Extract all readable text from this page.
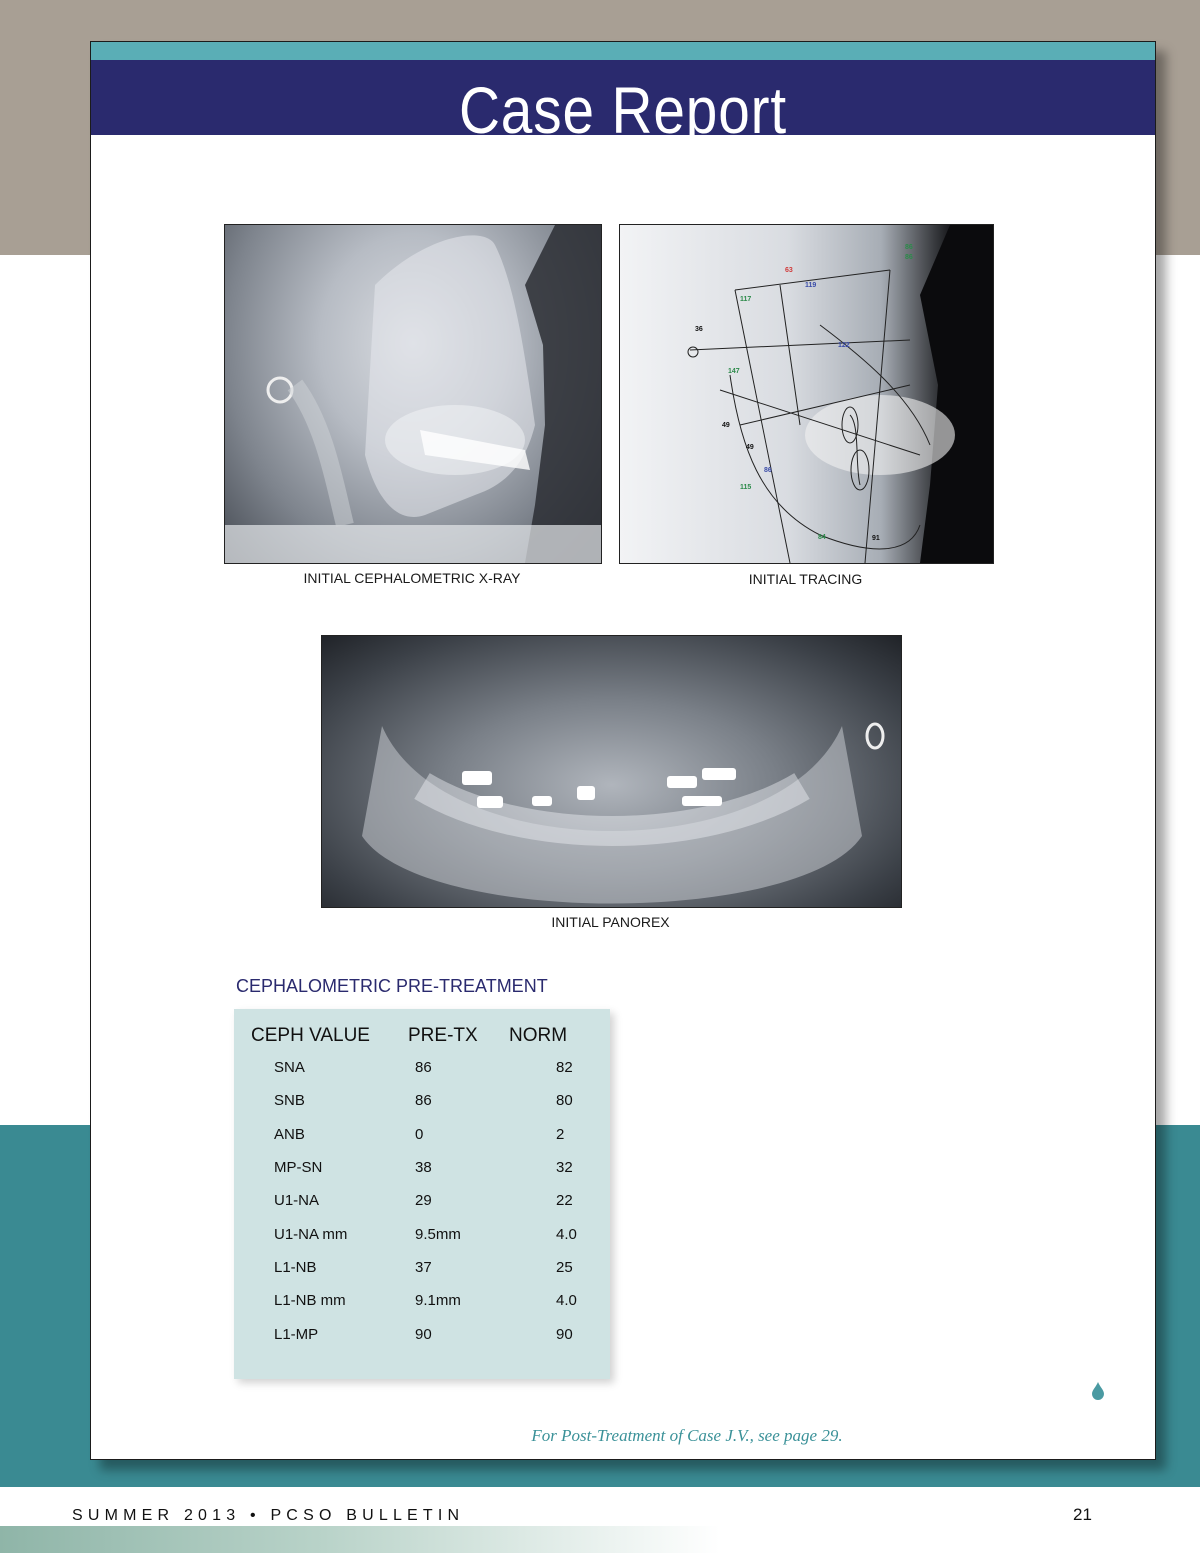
Case Report
86
86
63
119
117
36
122
147
49
49
86
115
84	91
INITIAL CEPHALOMETRIC X-RAY	INITIAL TRACING
INITIAL PANOREX
CEPHALOMETRIC PRE-TREATMENT
CEPH VALUE PRE-TX NORM
SNA	86	82
SNB	86	80
ANB	0	2
MP-SN	38	32
U1-NA	29	22
U1-NA mm	9.5mm	4.0
L1-NB	37	25
L1-NB mm	9.1mm	4.0
L1-MP	90	90
For Post-Treatment of Case J.V., see page 29.
SUMMER 2013 • PCSO BULLETIN	21
